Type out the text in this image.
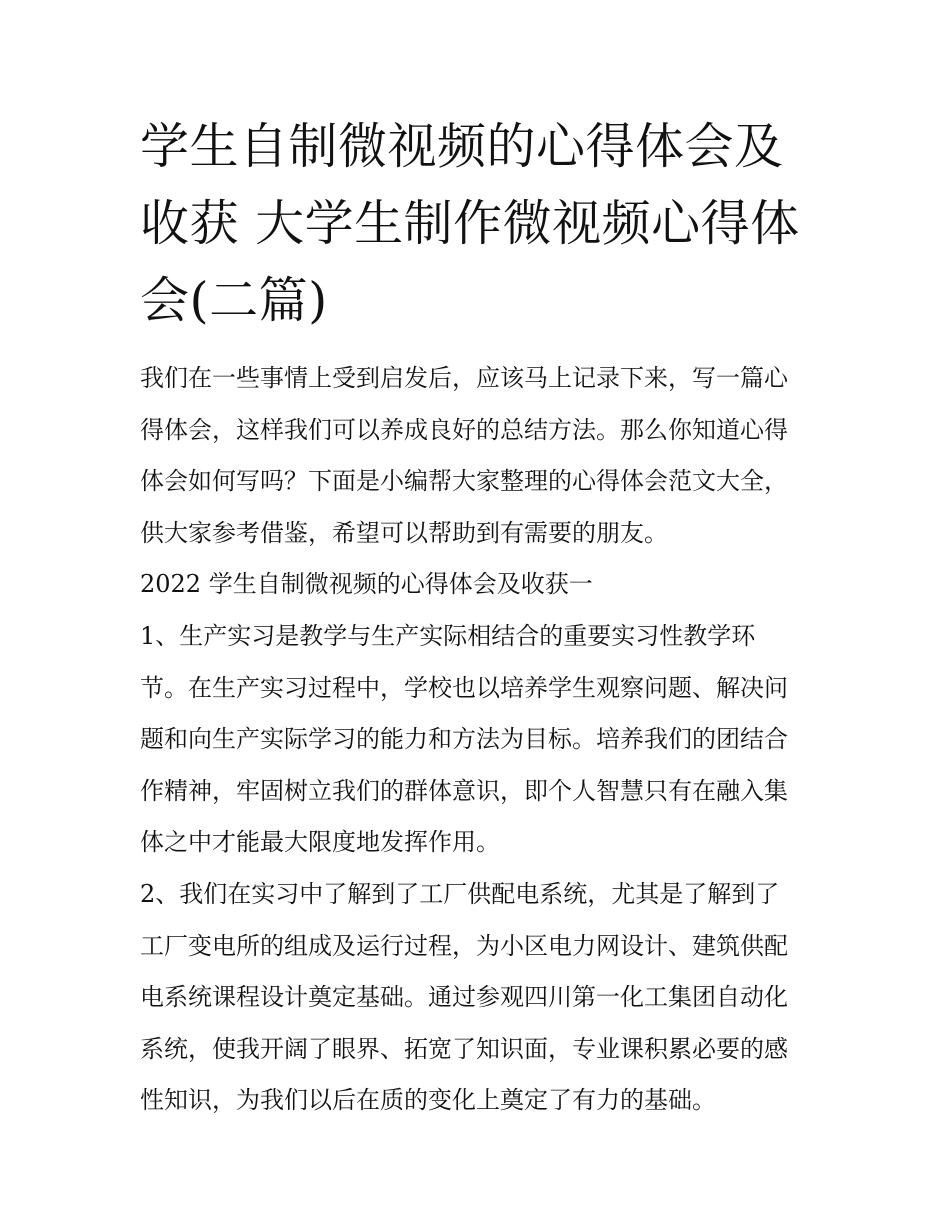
学生自制微视频的心得体会及
收获 大学生制作微视频心得体
会(二篇)

我们在一些事情上受到启发后，应该马上记录下来，写一篇心
得体会，这样我们可以养成良好的总结方法。那么你知道心得
体会如何写吗？下面是小编帮大家整理的心得体会范文大全，
供大家参考借鉴，希望可以帮助到有需要的朋友。

2022 学生自制微视频的心得体会及收获一

1、生产实习是教学与生产实际相结合的重要实习性教学环
节。在生产实习过程中，学校也以培养学生观察问题、解决问
题和向生产实际学习的能力和方法为目标。培养我们的团结合
作精神，牢固树立我们的群体意识，即个人智慧只有在融入集
体之中才能最大限度地发挥作用。

2、我们在实习中了解到了工厂供配电系统，尤其是了解到了
工厂变电所的组成及运行过程，为小区电力网设计、建筑供配
电系统课程设计奠定基础。通过参观四川第一化工集团自动化
系统，使我开阔了眼界、拓宽了知识面，专业课积累必要的感
性知识，为我们以后在质的变化上奠定了有力的基础。
